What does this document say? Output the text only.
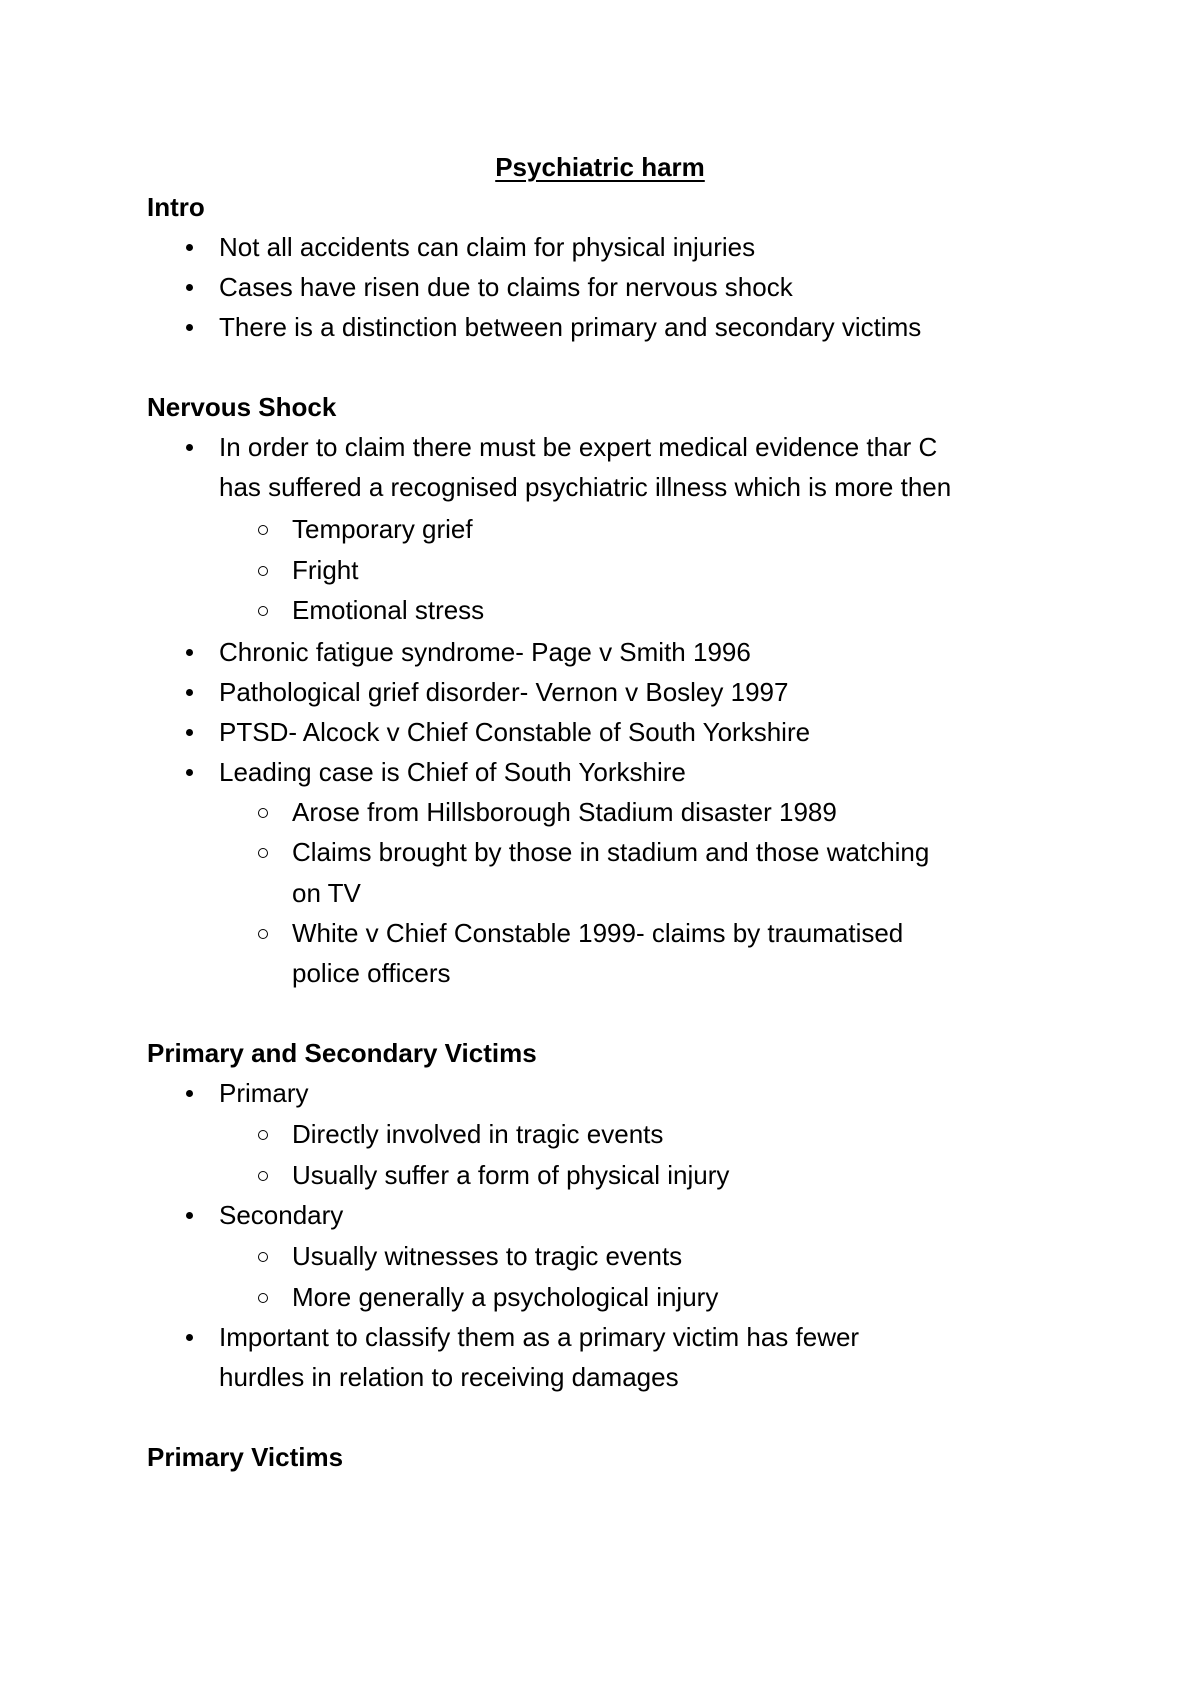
Psychiatric harm
Intro
Not all accidents can claim for physical injuries
Cases have risen due to claims for nervous shock
There is a distinction between primary and secondary victims
Nervous Shock
In order to claim there must be expert medical evidence thar C
has suffered a recognised psychiatric illness which is more then
Temporary grief
Fright
Emotional stress
Chronic fatigue syndrome- Page v Smith 1996
Pathological grief disorder- Vernon v Bosley 1997
PTSD- Alcock v Chief Constable of South Yorkshire
Leading case is Chief of South Yorkshire
Arose from Hillsborough Stadium disaster 1989
Claims brought by those in stadium and those watching
on TV
White v Chief Constable 1999- claims by traumatised
police officers
Primary and Secondary Victims
Primary
Directly involved in tragic events
Usually suffer a form of physical injury
Secondary
Usually witnesses to tragic events
More generally a psychological injury
Important to classify them as a primary victim has fewer
hurdles in relation to receiving damages
Primary Victims
